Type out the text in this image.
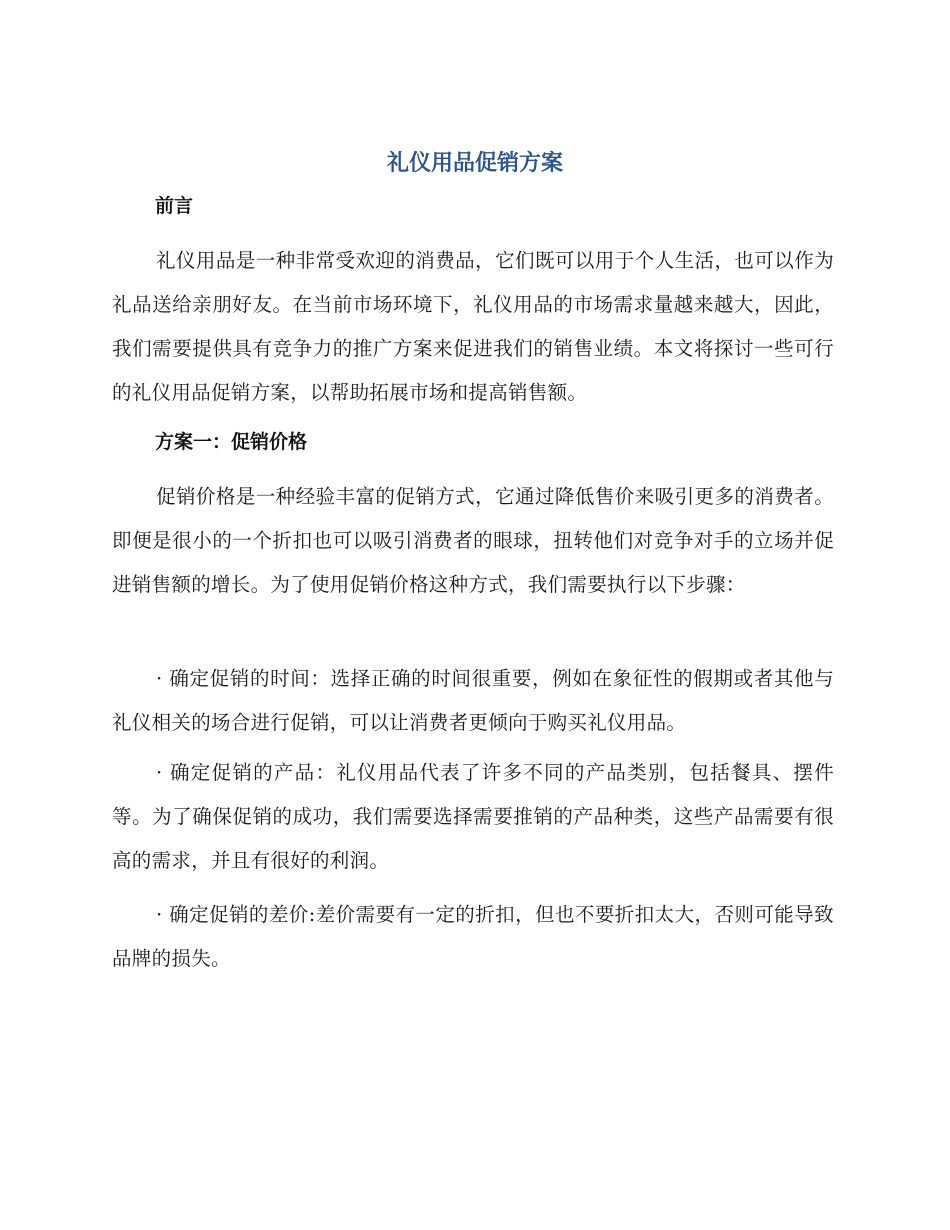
礼仪用品促销方案
前言

礼仪用品是一种非常受欢迎的消费品，它们既可以用于个人生活，也可以作为礼品送给亲朋好友。在当前市场环境下，礼仪用品的市场需求量越来越大，因此，我们需要提供具有竞争力的推广方案来促进我们的销售业绩。本文将探讨一些可行的礼仪用品促销方案，以帮助拓展市场和提高销售额。

方案一：促销价格

促销价格是一种经验丰富的促销方式，它通过降低售价来吸引更多的消费者。即便是很小的一个折扣也可以吸引消费者的眼球，扭转他们对竞争对手的立场并促进销售额的增长。为了使用促销价格这种方式，我们需要执行以下步骤：

· 确定促销的时间：选择正确的时间很重要，例如在象征性的假期或者其他与礼仪相关的场合进行促销，可以让消费者更倾向于购买礼仪用品。

· 确定促销的产品：礼仪用品代表了许多不同的产品类别，包括餐具、摆件等。为了确保促销的成功，我们需要选择需要推销的产品种类，这些产品需要有很高的需求，并且有很好的利润。

· 确定促销的差价:差价需要有一定的折扣，但也不要折扣太大，否则可能导致品牌的损失。
